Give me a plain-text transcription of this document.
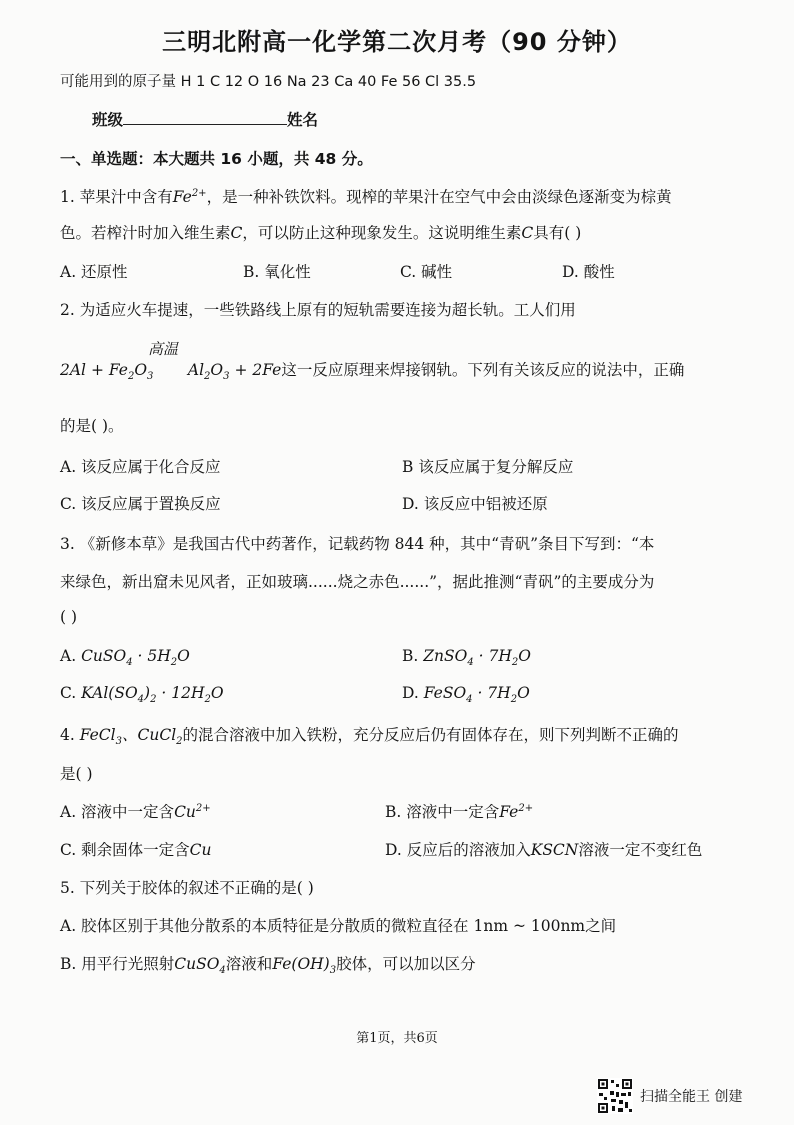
三明北附高一化学第二次月考（90 分钟）
可能用到的原子量 H 1 C 12 O 16 Na 23 Ca 40 Fe 56 Cl 35.5
班级	姓名
一、单选题：本大题共 16 小题，共 48 分。
1. 苹果汁中含有$Fe^{2+}$，是一种补铁饮料。现榨的苹果汁在空气中会由淡绿色逐渐变为棕黄
色。若榨汁时加入维生素C，可以防止这种现象发生。这说明维生素C具有( )
A. 还原性	B. 氧化性	C. 碱性	D. 酸性
2. 为适应火车提速，一些铁路线上原有的短轨需要连接为超长轨。工人们用
高温
$2Al + Fe_2O_3$       $Al_2O_3 + 2Fe$这一反应原理来焊接钢轨。下列有关该反应的说法中，正确
的是( )。
A. 该反应属于化合反应	B 该反应属于复分解反应
C. 该反应属于置换反应	D. 该反应中铝被还原
3. 《新修本草》是我国古代中药著作，记载药物 844 种，其中“青矾”条目下写到：“本
来绿色，新出窟未见风者，正如玻璃......烧之赤色......”，据此推测“青矾”的主要成分为
( )
A. CuSO$_4$ · $5H_2O$	B. ZnSO$_4$ · $7H_2O$
C. $KAl(SO_4)_2 \cdot 12H_2O$	D. FeSO$_4$ · $7H_2O$
4. FeCl$_3$、CuCl$_2$的混合溶液中加入铁粉，充分反应后仍有固体存在，则下列判断不正确的
是( )
A. 溶液中一定含$Cu^{2+}$	B. 溶液中一定含$Fe^{2+}$
C. 剩余固体一定含Cu	D. 反应后的溶液加入KSCN溶液一定不变红色
5. 下列关于胶体的叙述不正确的是( )
A. 胶体区别于其他分散系的本质特征是分散质的微粒直径在 1nm ~ 100nm之间
B. 用平行光照射CuSO$_4$溶液和$Fe(OH)_3$胶体，可以加以区分
第1页，共6页
扫描全能王 创建
